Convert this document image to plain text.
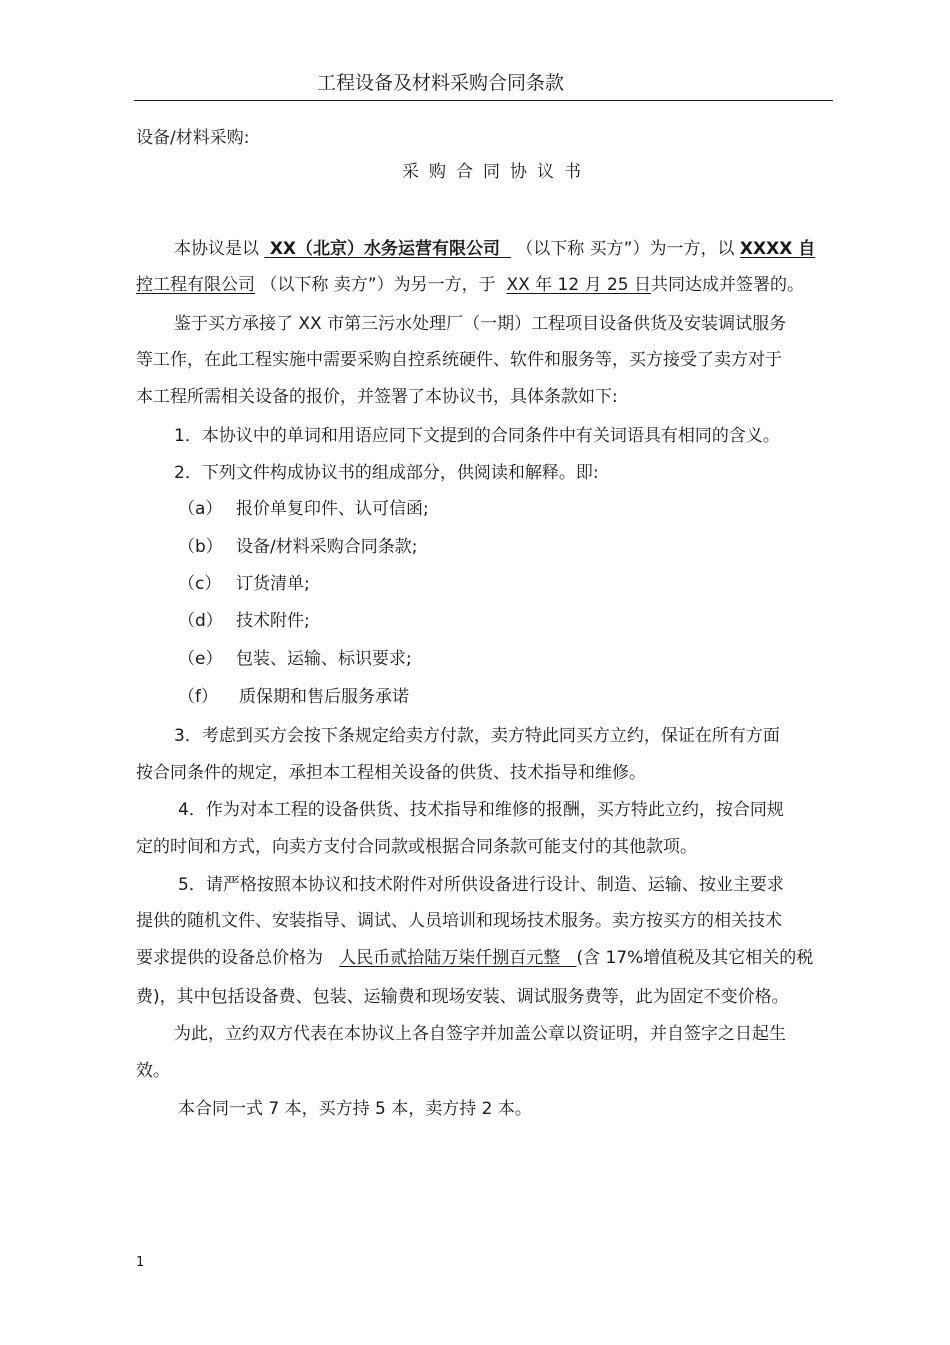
工程设备及材料采购合同条款
设备/材料采购:
采购合同协议书
本协议是以 XX（北京）水务运营有限公司 （以下称 买方”）为一方，以 XXXX 自
控工程有限公司 （以下称 卖方”）为另一方，于 XX 年 12 月 25 日共同达成并签署的。
鉴于买方承接了 XX 市第三污水处理厂（一期）工程项目设备供货及安装调试服务
等工作，在此工程实施中需要采购自控系统硬件、软件和服务等，买方接受了卖方对于
本工程所需相关设备的报价，并签署了本协议书，具体条款如下:
1．本协议中的单词和用语应同下文提到的合同条件中有关词语具有相同的含义。
2．下列文件构成协议书的组成部分，供阅读和解释。即:
（a） 报价单复印件、认可信函;
（b） 设备/材料采购合同条款;
（c） 订货清单;
（d） 技术附件;
（e） 包装、运输、标识要求;
（f） 质保期和售后服务承诺
3．考虑到买方会按下条规定给卖方付款，卖方特此同买方立约，保证在所有方面
按合同条件的规定，承担本工程相关设备的供货、技术指导和维修。
4．作为对本工程的设备供货、技术指导和维修的报酬，买方特此立约，按合同规
定的时间和方式，向卖方支付合同款或根据合同条款可能支付的其他款项。
5．请严格按照本协议和技术附件对所供设备进行设计、制造、运输、按业主要求
提供的随机文件、安装指导、调试、人员培训和现场技术服务。卖方按买方的相关技术
要求提供的设备总价格为 人民币贰拾陆万柒仟捌百元整 (含 17%增值税及其它相关的税
费)，其中包括设备费、包装、运输费和现场安装、调试服务费等，此为固定不变价格。
为此，立约双方代表在本协议上各自签字并加盖公章以资证明，并自签字之日起生
效。
本合同一式 7 本，买方持 5 本，卖方持 2 本。
1
